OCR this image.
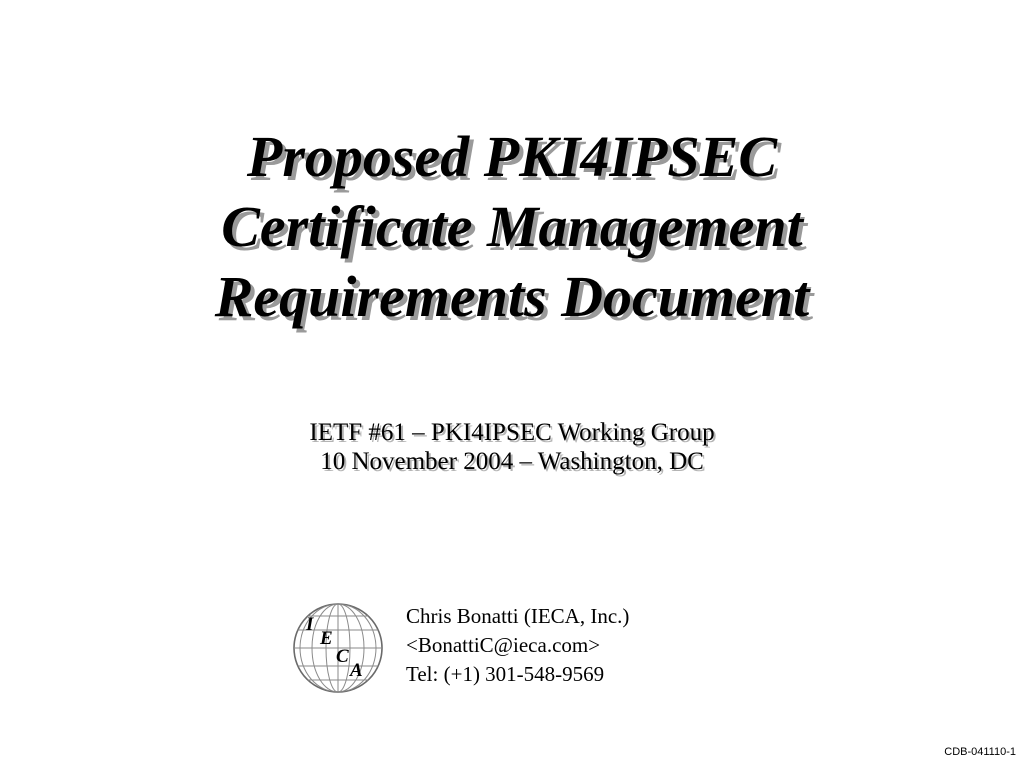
Proposed PKI4IPSEC
Certificate Management
Requirements Document
IETF #61 – PKI4IPSEC Working Group
10 November 2004 – Washington, DC
I
E
C
A
Chris Bonatti (IECA, Inc.)
<BonattiC@ieca.com>
Tel: (+1) 301-548-9569
CDB-041110-1
